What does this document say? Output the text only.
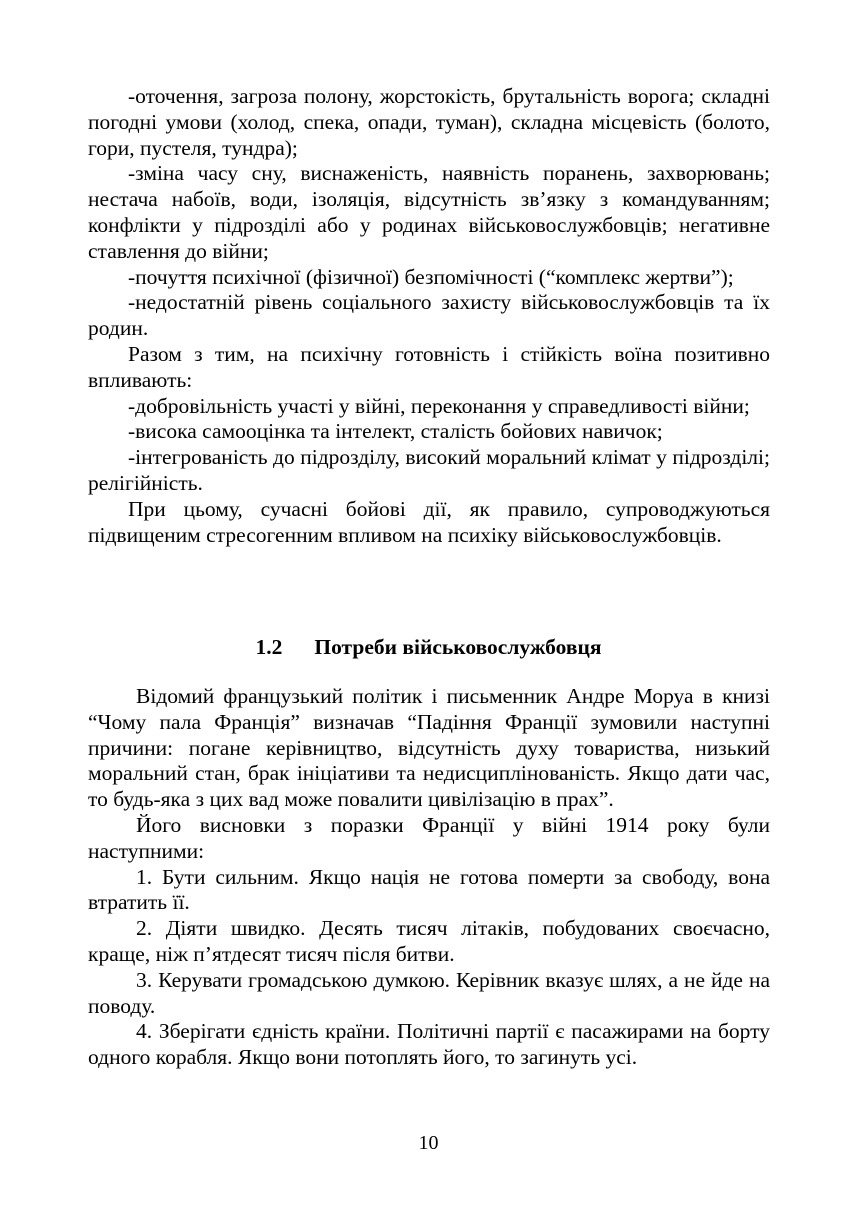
-оточення, загроза полону, жорстокість, брутальність ворога; складні погодні умови (холод, спека, опади, туман), складна місцевість (болото, гори, пустеля, тундра);

-зміна часу сну, виснаженість, наявність поранень, захворювань; нестача набоїв, води, ізоляція, відсутність зв’язку з командуванням; конфлікти у підрозділі або у родинах військовослужбовців; негативне ставлення до війни;

-почуття психічної (фізичної) безпомічності (“комплекс жертви”);

-недостатній рівень соціального захисту військовослужбовців та їх родин.

Разом з тим, на психічну готовність і стійкість воїна позитивно впливають:

-добровільність участі у війні, переконання у справедливості війни;

-висока самооцінка та інтелект, сталість бойових навичок;

-інтегрованість до підрозділу, високий моральний клімат у підрозділі; релігійність.

При цьому, сучасні бойові дії, як правило, супроводжуються підвищеним стресогенним впливом на психіку військовослужбовців.

1.2 Потреби військовослужбовця

Відомий французький політик і письменник Андре Моруа в книзі “Чому пала Франція” визначав “Падіння Франції зумовили наступні причини: погане керівництво, відсутність духу товариства, низький моральний стан, брак ініціативи та недисциплінованість. Якщо дати час, то будь-яка з цих вад може повалити цивілізацію в прах”.

Його висновки з поразки Франції у війні 1914 року були наступними:

1. Бути сильним. Якщо нація не готова померти за свободу, вона втратить її.

2. Діяти швидко. Десять тисяч літаків, побудованих своєчасно, краще, ніж п’ятдесят тисяч після битви.

3. Керувати громадською думкою. Керівник вказує шлях, а не йде на поводу.

4. Зберігати єдність країни. Політичні партії є пасажирами на борту одного корабля. Якщо вони потоплять його, то загинуть усі.

10
